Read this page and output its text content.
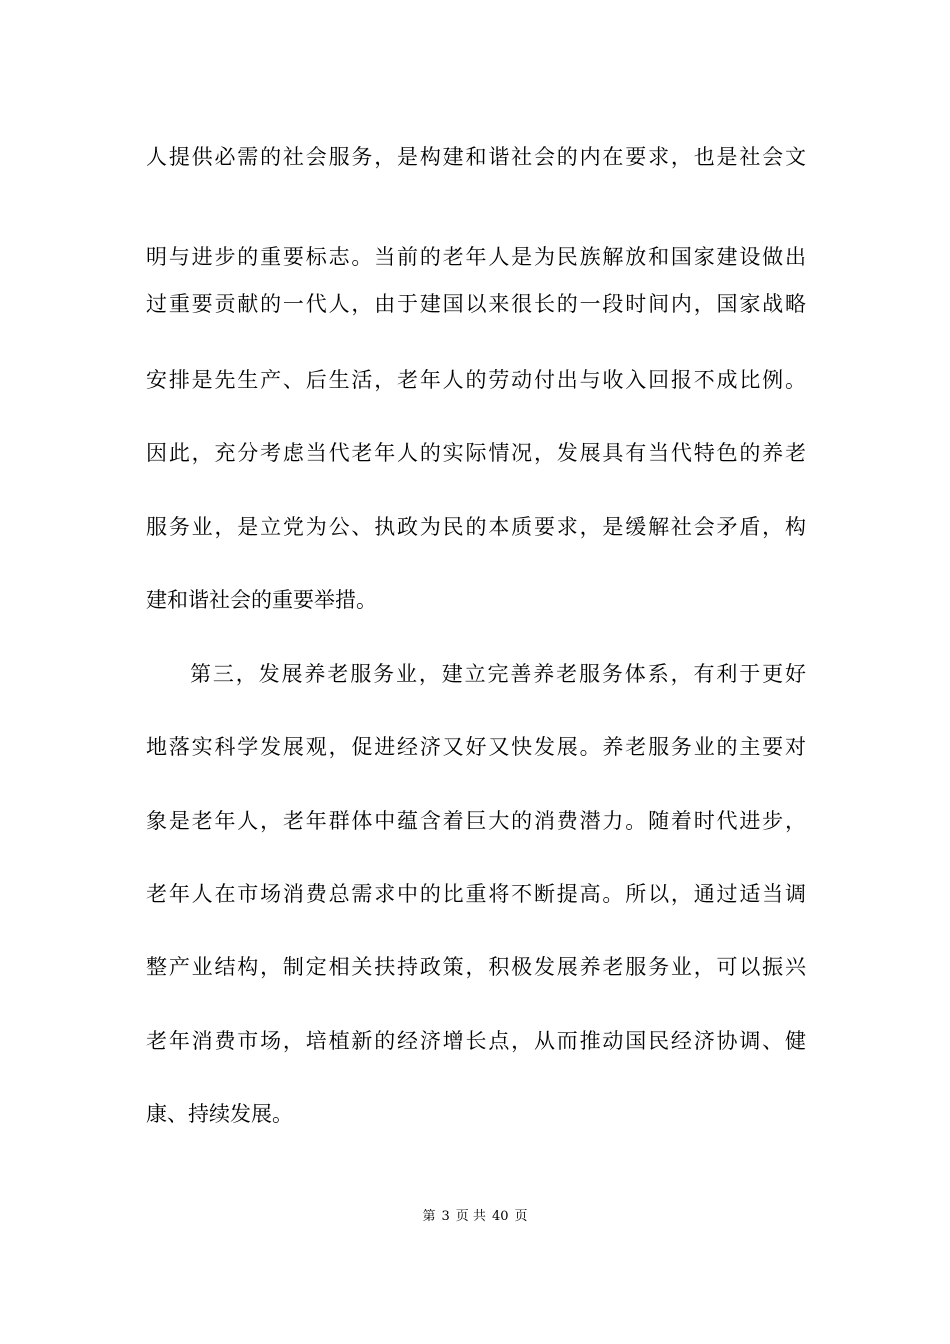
人提供必需的社会服务，是构建和谐社会的内在要求，也是社会文
明与进步的重要标志。当前的老年人是为民族解放和国家建设做出
过重要贡献的一代人，由于建国以来很长的一段时间内，国家战略
安排是先生产、后生活，老年人的劳动付出与收入回报不成比例。
因此，充分考虑当代老年人的实际情况，发展具有当代特色的养老
服务业，是立党为公、执政为民的本质要求，是缓解社会矛盾，构
建和谐社会的重要举措。
第三，发展养老服务业，建立完善养老服务体系，有利于更好
地落实科学发展观，促进经济又好又快发展。养老服务业的主要对
象是老年人，老年群体中蕴含着巨大的消费潜力。随着时代进步，
老年人在市场消费总需求中的比重将不断提高。所以，通过适当调
整产业结构，制定相关扶持政策，积极发展养老服务业，可以振兴
老年消费市场，培植新的经济增长点，从而推动国民经济协调、健
康、持续发展。
第 3 页 共 40 页
